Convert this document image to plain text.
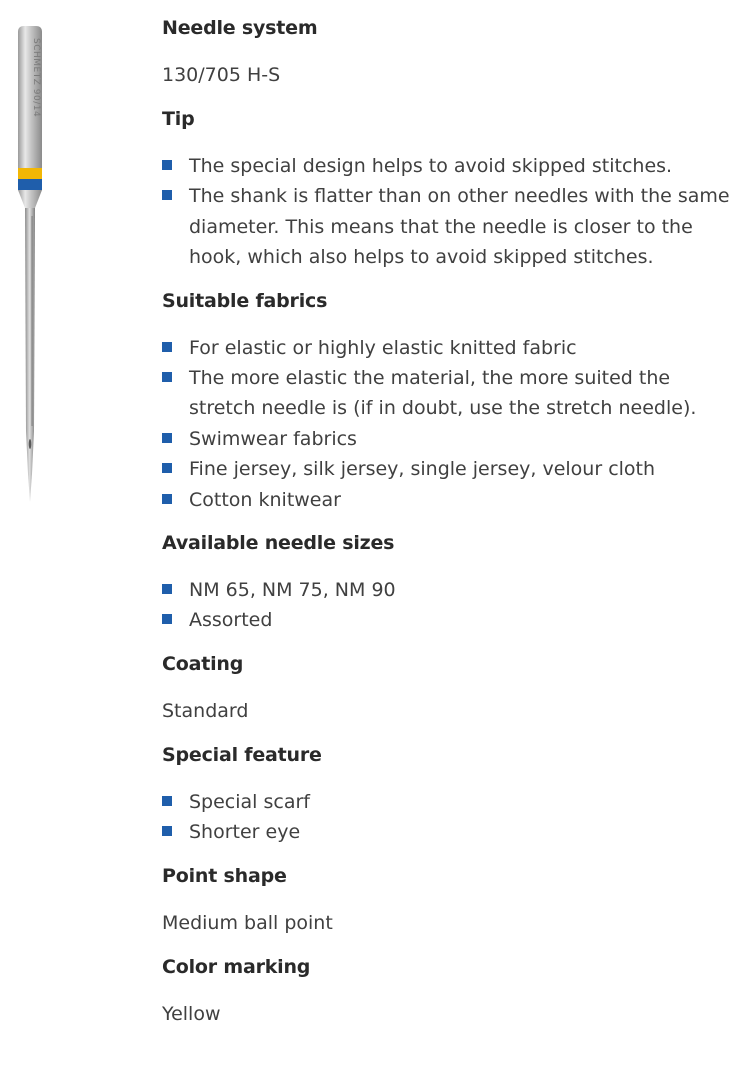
SCHMETZ 90/14
Needle system

130/705 H-S

Tip
The special design helps to avoid skipped stitches.
The shank is flatter than on other needles with the same diameter. This means that the needle is closer to the hook, which also helps to avoid skipped stitches.
Suitable fabrics
For elastic or highly elastic knitted fabric
The more elastic the material, the more suited the stretch needle is (if in doubt, use the stretch needle).
Swimwear fabrics
Fine jersey, silk jersey, single jersey, velour cloth
Cotton knitwear
Available needle sizes
NM 65, NM 75, NM 90
Assorted
Coating

Standard

Special feature
Special scarf
Shorter eye
Point shape

Medium ball point

Color marking

Yellow
